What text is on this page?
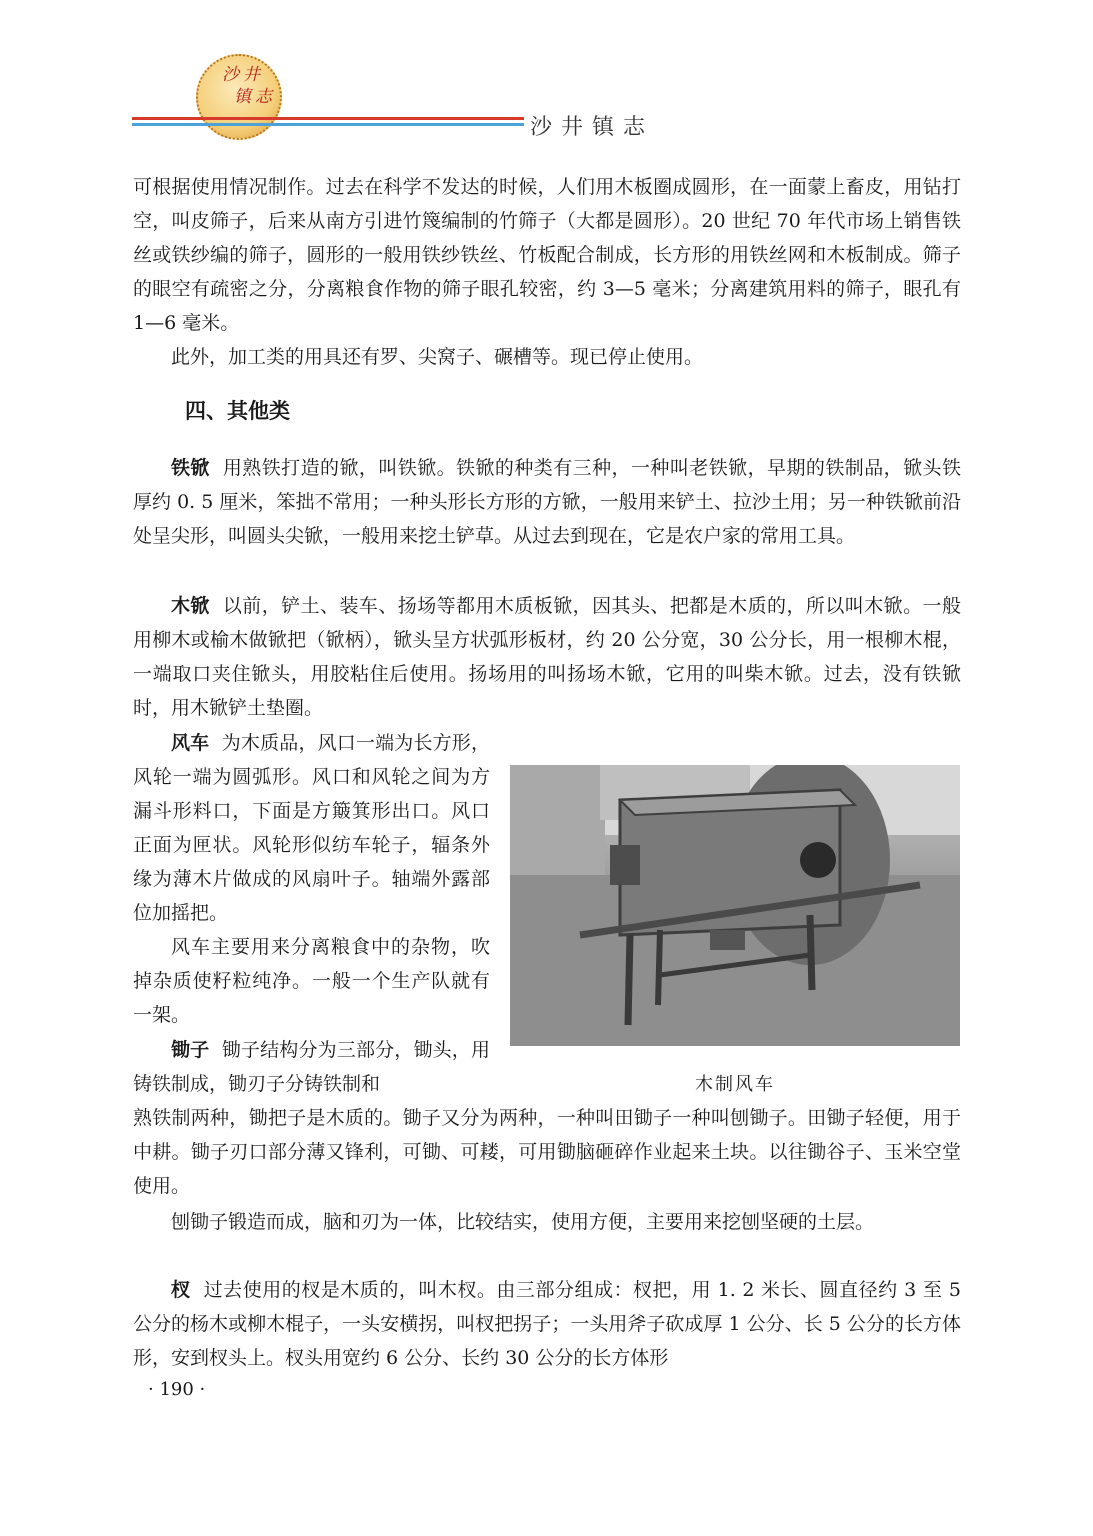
沙井
镇志
沙井镇志
可根据使用情况制作。过去在科学不发达的时候，人们用木板圈成圆形，在一面蒙上畜皮，用钻打空，叫皮筛子，后来从南方引进竹篾编制的竹筛子（大都是圆形）。20 世纪 70 年代市场上销售铁丝或铁纱编的筛子，圆形的一般用铁纱铁丝、竹板配合制成，长方形的用铁丝网和木板制成。筛子的眼空有疏密之分，分离粮食作物的筛子眼孔较密，约 3—5 毫米；分离建筑用料的筛子，眼孔有 1—6 毫米。
此外，加工类的用具还有罗、尖窝子、碾槽等。现已停止使用。
四、其他类
铁锨 用熟铁打造的锨，叫铁锨。铁锨的种类有三种，一种叫老铁锨，早期的铁制品，锨头铁厚约 0. 5 厘米，笨拙不常用；一种头形长方形的方锨，一般用来铲土、拉沙土用；另一种铁锨前沿处呈尖形，叫圆头尖锨，一般用来挖土铲草。从过去到现在，它是农户家的常用工具。
木锨 以前，铲土、装车、扬场等都用木质板锨，因其头、把都是木质的，所以叫木锨。一般用柳木或榆木做锨把（锨柄），锨头呈方状弧形板材，约 20 公分宽，30 公分长，用一根柳木棍，一端取口夹住锨头，用胶粘住后使用。扬场用的叫扬场木锨，它用的叫柴木锨。过去，没有铁锨时，用木锨铲土垫圈。
风车 为木质品，风口一端为长方形，风轮一端为圆弧形。风口和风轮之间为方漏斗形料口，下面是方簸箕形出口。风口正面为匣状。风轮形似纺车轮子，辐条外缘为薄木片做成的风扇叶子。轴端外露部位加摇把。
风车主要用来分离粮食中的杂物，吹掉杂质使籽粒纯净。一般一个生产队就有一架。
锄子 锄子结构分为三部分，锄头，用铸铁制成，锄刃子分铸铁制和
熟铁制两种，锄把子是木质的。锄子又分为两种，一种叫田锄子一种叫刨锄子。田锄子轻便，用于中耕。锄子刃口部分薄又锋利，可锄、可耧，可用锄脑砸碎作业起来土块。以往锄谷子、玉米空堂使用。
刨锄子锻造而成，脑和刃为一体，比较结实，使用方便，主要用来挖刨坚硬的土层。
杈 过去使用的杈是木质的，叫木杈。由三部分组成：杈把，用 1. 2 米长、圆直径约 3 至 5 公分的杨木或柳木棍子，一头安横拐，叫杈把拐子；一头用斧子砍成厚 1 公分、长 5 公分的长方体形，安到杈头上。杈头用宽约 6 公分、长约 30 公分的长方体形
木制风车
· 190 ·
